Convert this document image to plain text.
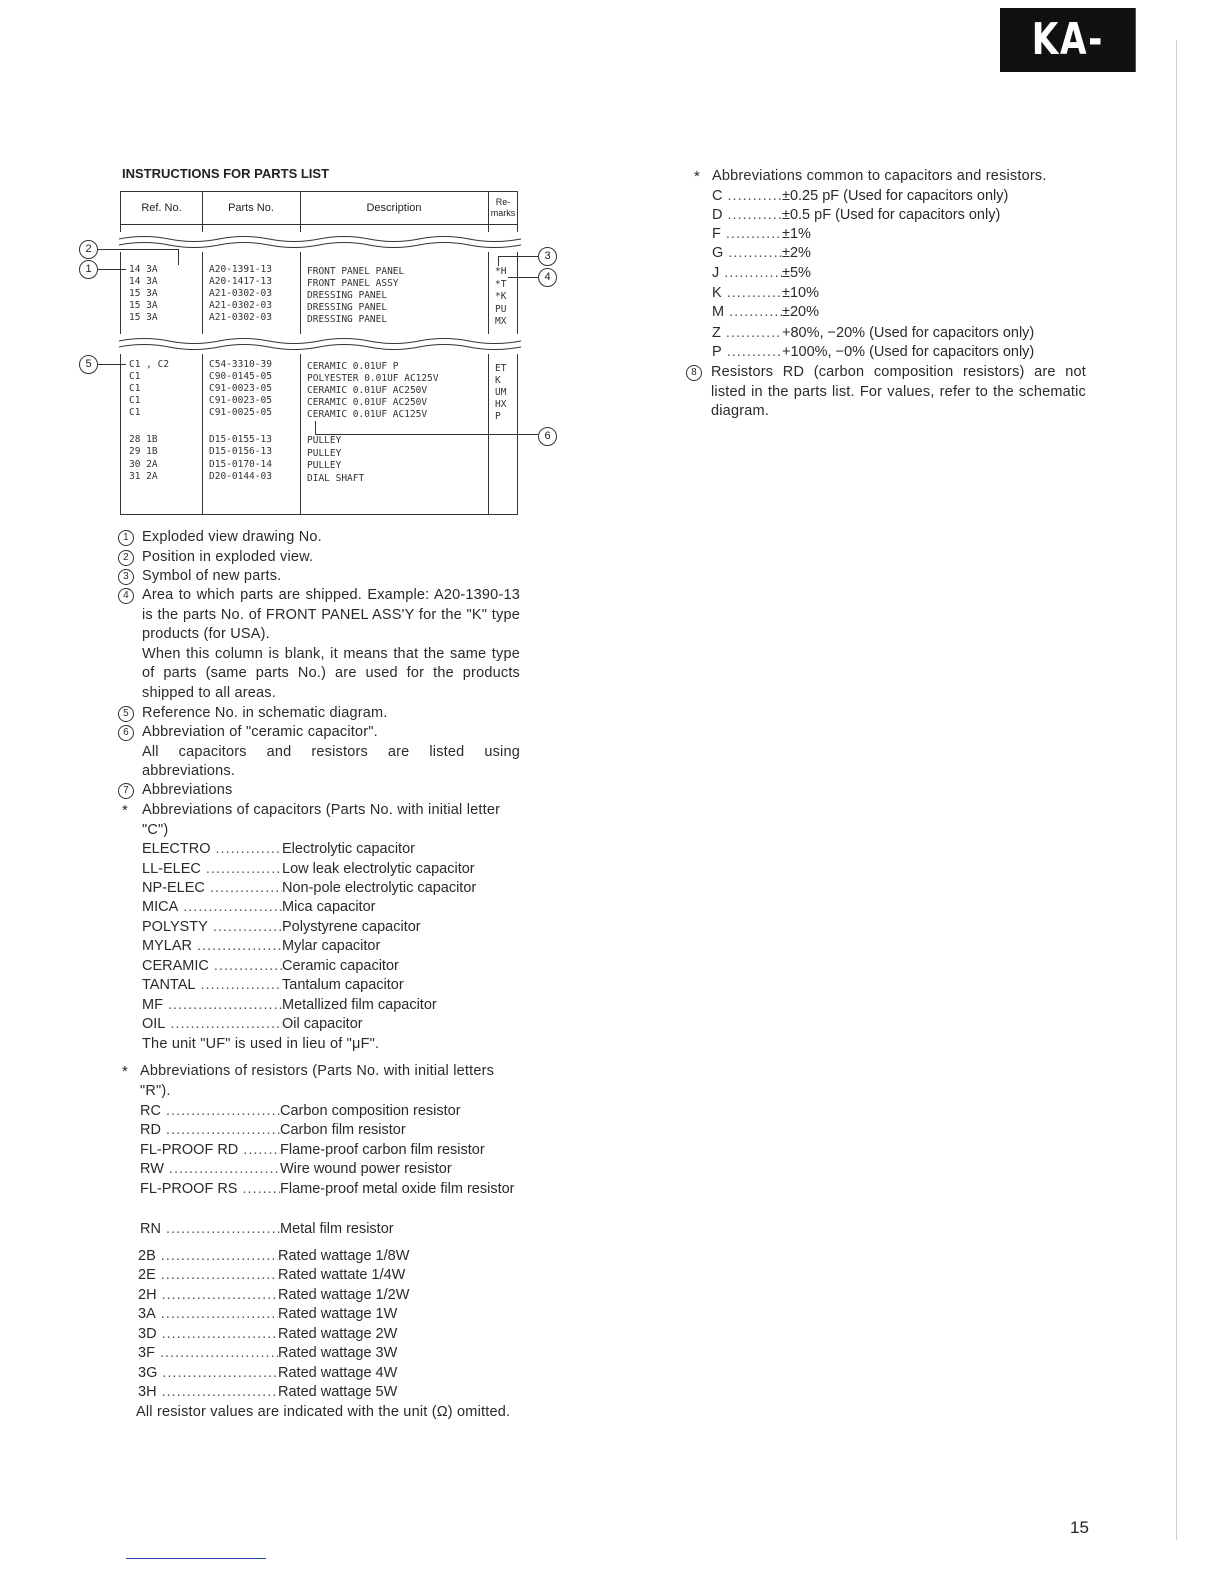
KA-501
INSTRUCTIONS FOR PARTS LIST
Ref. No.	Parts No.	Description	Re-
marks
14 3A	A20-1391-13	FRONT PANEL PANEL	*H
14 3A	A20-1417-13	FRONT PANEL ASSY	*T
15 3A	A21-0302-03	DRESSING PANEL	*K
15 3A	A21-0302-03	DRESSING PANEL	PU
15 3A	A21-0302-03	DRESSING PANEL	MX
C1 , C2	C54-3310-39	CERAMIC 0.01UF P	ET
C1	C90-0145-05	POLYESTER 0.01UF AC125V	K
C1	C91-0023-05	CERAMIC 0.01UF AC250V	UM
C1	C91-0023-05	CERAMIC 0.01UF AC250V	HX
C1	C91-0025-05	CERAMIC 0.01UF AC125V	P
28 1B	D15-0155-13	PULLEY
29 1B	D15-0156-13	PULLEY
30 2A	D15-0170-14	PULLEY
31 2A	D20-0144-03	DIAL SHAFT
2
1
3
4
5
6
1 Exploded view drawing No.
2 Position in exploded view.
3 Symbol of new parts.
4 Area to which parts are shipped. Example: A20-1390-13 is the parts No. of FRONT PANEL ASS'Y for the "K" type products (for USA).
When this column is blank, it means that the same type of parts (same parts No.) are used for the products shipped to all areas.
5 Reference No. in schematic diagram.
6 Abbreviation of "ceramic capacitor".
All capacitors and resistors are listed using abbreviations.
7 Abbreviations
* Abbreviations of capacitors (Parts No. with initial letter "C")
ELECTRO .....	Electrolytic capacitor
LL-ELEC .....	Low leak electrolytic capacitor
NP-ELEC .....	Non-pole electrolytic capacitor
MICA .....	Mica capacitor
POLYSTY .....	Polystyrene capacitor
MYLAR .....	Mylar capacitor
CERAMIC .....	Ceramic capacitor
TANTAL .....	Tantalum capacitor
MF .....	Metallized film capacitor
OIL .....	Oil capacitor
The unit "UF" is used in lieu of "μF".
* Abbreviations of resistors (Parts No. with initial letters "R").
RC .....	Carbon composition resistor
RD .....	Carbon film resistor
FL-PROOF RD .....	Flame-proof carbon film resistor
RW .....	Wire wound power resistor
FL-PROOF RS .....	Flame-proof metal oxide film resistor
RN .....	Metal film resistor
2B .....	Rated wattage 1/8W
2E .....	Rated wattate 1/4W
2H .....	Rated wattage 1/2W
3A .....	Rated wattage 1W
3D .....	Rated wattage 2W
3F .....	Rated wattage 3W
3G .....	Rated wattage 4W
3H .....	Rated wattage 5W
All resistor values are indicated with the unit (Ω) omitted.
* Abbreviations common to capacitors and resistors.
C .....	±0.25 pF (Used for capacitors only)
D .....	±0.5 pF (Used for capacitors only)
F .....	±1%
G .....	±2%
J .....	±5%
K .....	±10%
M .....	±20%
Z .....	+80%, −20% (Used for capacitors only)
P .....	+100%, −0% (Used for capacitors only)
8 Resistors RD (carbon composition resistors) are not listed in the parts list. For values, refer to the schematic diagram.
15
